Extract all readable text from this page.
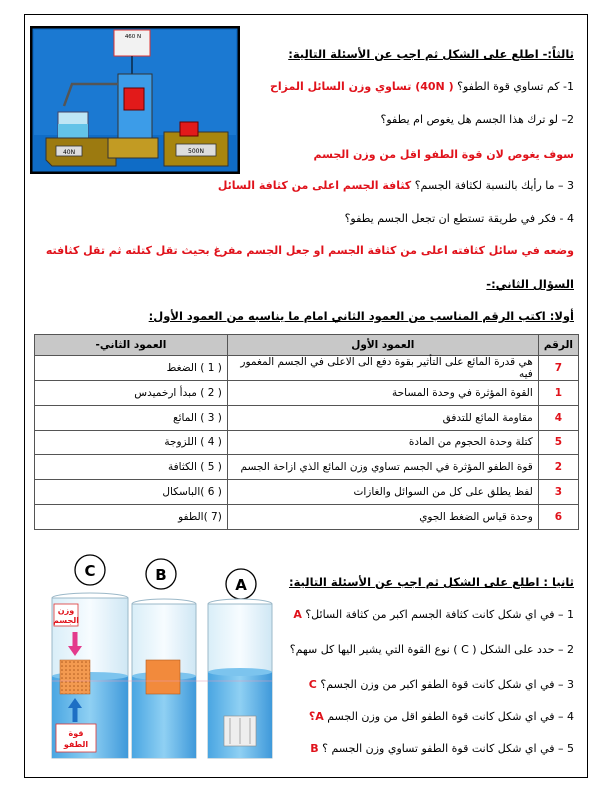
460 N
40N	500N
ثالثاً:- اطلع على الشكل ثم اجب عن الأسئلة التالية:
1- كم تساوي قوة الطفو؟ ( 40N) تساوي وزن السائل المزاح
2– لو ترك هذا الجسم هل يغوص ام يطفو؟
سوف يغوص لان قوة الطفو اقل من وزن الجسم
3 – ما رأيك بالنسبة لكثافة الجسم؟ كثافة الجسم اعلى من كثافة السائل
4 - فكر في طريقة تستطع ان تجعل الجسم يطفو؟
وضعه في سائل كثافته اعلى من كثافة الجسم او جعل الجسم مفرغ بحيث تقل كتلته ثم تقل كثافته
السؤال الثاني:-
أولا: اكتب الرقم المناسب من العمود الثاني امام ما يناسبه من العمود الأول:
الرقم	العمود الأول	العمود الثاني-
7	هي قدرة المائع على التأثير بقوة دفع الى الاعلى في الجسم المغمور فيه	( 1 ) الضغط
1	القوة المؤثرة في وحدة المساحة	( 2 ) مبدأ ارخميدس
4	مقاومة المائع للتدفق	( 3 ) المائع
5	كتلة وحدة الحجوم من المادة	( 4 ) اللزوجة
2	قوة الطفو المؤثرة في الجسم تساوي وزن المائع الذي ازاحة الجسم	( 5 ) الكثافة
3	لفظ يطلق على كل من السوائل والغازات	( 6 )الباسكال
6	وحدة قياس الضغط الجوي	(7 )الطفو
C	B
A
وزن
الجسم
قوة
الطفو
ثانيا : اطلع على الشكل ثم اجب عن الأسئلة التالية:
1 – في اي شكل كانت كثافة الجسم اكبر من كثافة السائل؟ A
2 – حدد على الشكل ( C ) نوع القوة التي يشير اليها كل سهم؟
3 – في اي شكل كانت قوة الطفو اكبر من وزن الجسم؟ C
4 – في اي شكل كانت قوة الطفو اقل من وزن الجسم A؟
5 – في اي شكل كانت قوة الطفو تساوي وزن الجسم ؟ B
